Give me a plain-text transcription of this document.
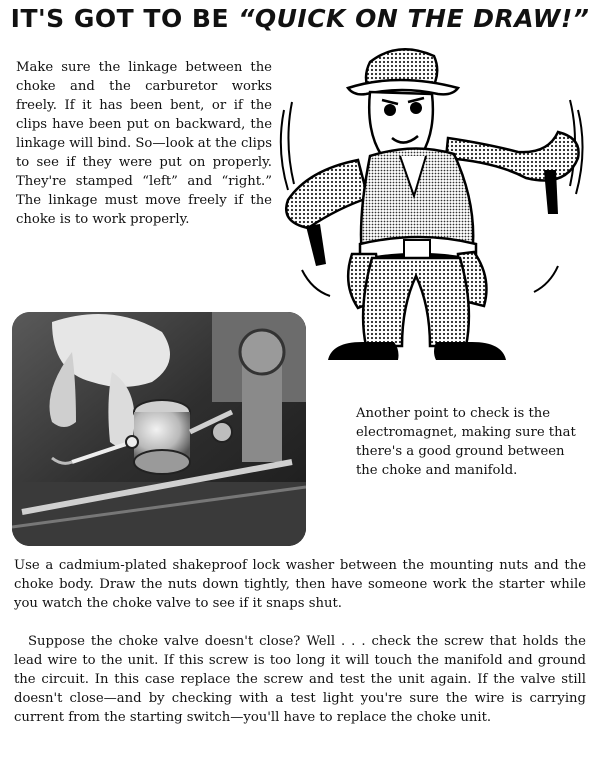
IT'S GOT TO BE “QUICK ON THE DRAW!”

Make sure the linkage between the choke and the carburetor works freely. If it has been bent, or if the clips have been put on backward, the linkage will bind. So—look at the clips to see if they were put on properly. They're stamped “left” and “right.” The linkage must move freely if the choke is to work properly.

Another point to check is the electromagnet, making sure that there's a good ground between the choke and manifold.

Use a cadmium-plated shakeproof lock washer between the mounting nuts and the choke body. Draw the nuts down tightly, then have someone work the starter while you watch the choke valve to see if it snaps shut.

Suppose the choke valve doesn't close? Well . . . check the screw that holds the lead wire to the unit. If this screw is too long it will touch the manifold and ground the circuit. In this case replace the screw and test the unit again. If the valve still doesn't close—and by checking with a test light you're sure the wire is carrying current from the starting switch—you'll have to replace the choke unit.
